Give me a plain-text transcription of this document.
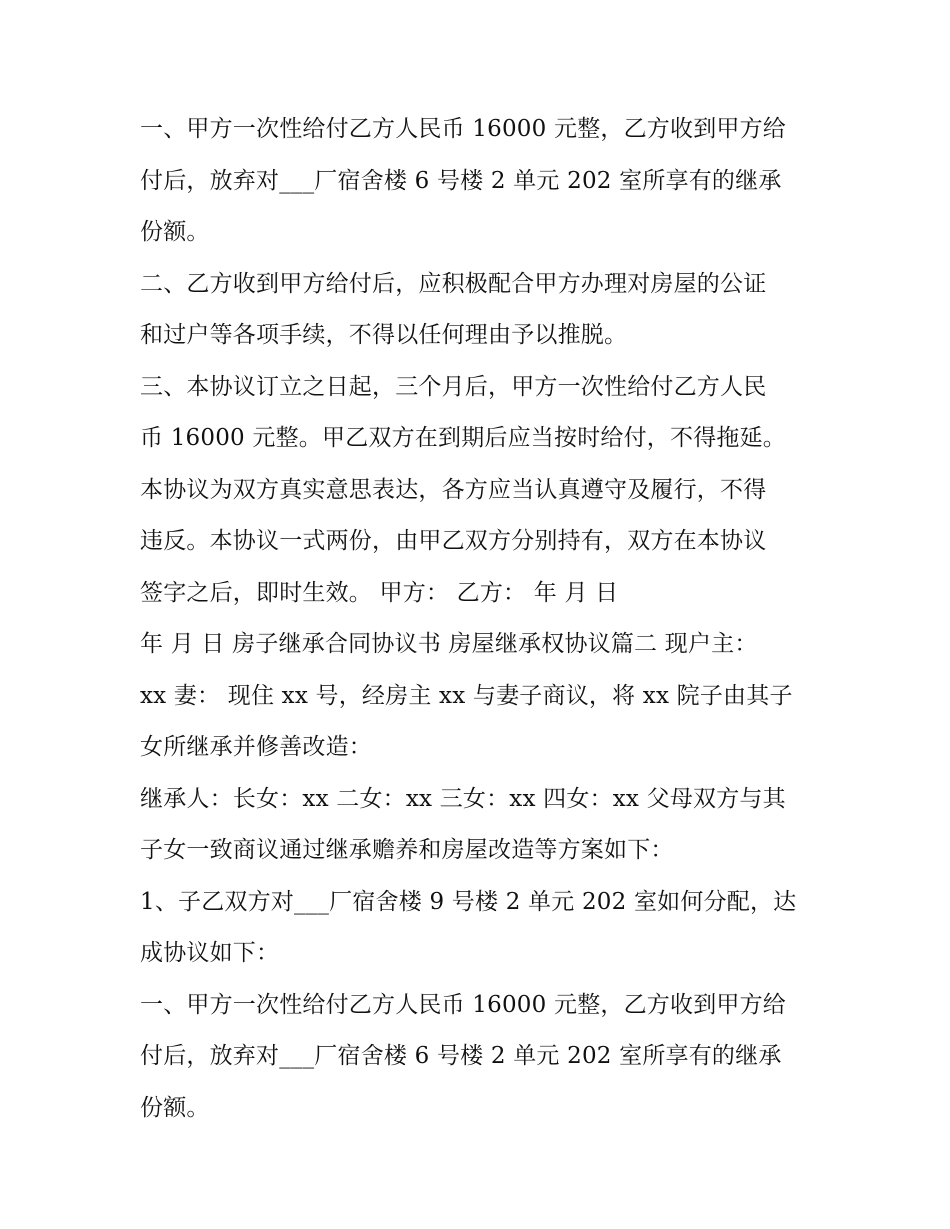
一、甲方一次性给付乙方人民币 16000 元整，乙方收到甲方给
付后，放弃对___厂宿舍楼 6 号楼 2 单元 202 室所享有的继承
份额。
二、乙方收到甲方给付后，应积极配合甲方办理对房屋的公证
和过户等各项手续，不得以任何理由予以推脱。
三、本协议订立之日起，三个月后，甲方一次性给付乙方人民
币 16000 元整。甲乙双方在到期后应当按时给付，不得拖延。
本协议为双方真实意思表达，各方应当认真遵守及履行，不得
违反。本协议一式两份，由甲乙双方分别持有，双方在本协议
签字之后，即时生效。 甲方： 乙方： 年 月 日
年 月 日 房子继承合同协议书 房屋继承权协议篇二 现户主：
xx 妻： 现住 xx 号，经房主 xx 与妻子商议，将 xx 院子由其子
女所继承并修善改造：
继承人：长女：xx 二女：xx 三女：xx 四女：xx 父母双方与其
子女一致商议通过继承赡养和房屋改造等方案如下：
1、子乙双方对___厂宿舍楼 9 号楼 2 单元 202 室如何分配，达
成协议如下：
一、甲方一次性给付乙方人民币 16000 元整，乙方收到甲方给
付后，放弃对___厂宿舍楼 6 号楼 2 单元 202 室所享有的继承
份额。
